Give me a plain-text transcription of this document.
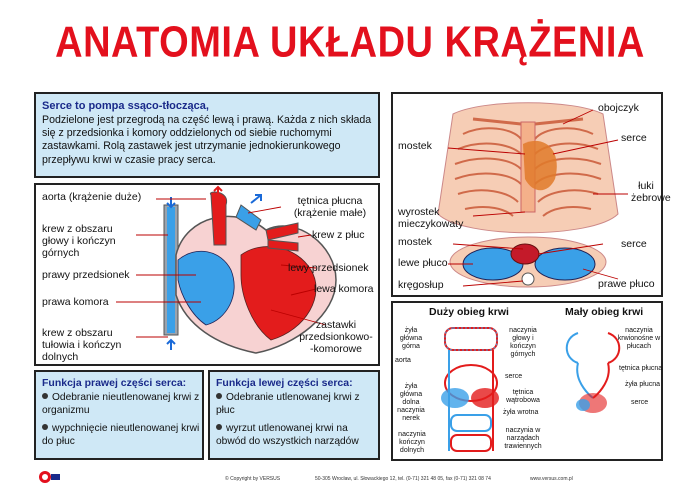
ANATOMIA UKŁADU KRĄŻENIA
Serce to pompa ssąco-tłocząca,
Podzielone jest przegrodą na część lewą i prawą. Każda z nich składa się z przedsionka i komory oddzielonych od siebie ruchomymi zastawkami. Rolą zastawek jest utrzymanie jednokierunkowego przepływu krwi w czasie pracy serca.
aorta (krążenie duże)
krew z obszaru głowy i kończyn górnych
prawy przedsionek
prawa komora
krew z obszaru tułowia i kończyn dolnych
tętnica płucna (krążenie małe)
krew z płuc
lewy przedsionek
lewa komora
zastawki przedsionkowo- -komorowe
Funkcja prawej części serca:
Odebranie nieutlenowanej krwi z organizmu
wypchnięcie nieutlenowanej krwi do płuc
Funkcja lewej części serca:
Odebranie utlenowanej krwi z płuc
wyrzut utlenowanej krwi na obwód do wszystkich narządów
obojczyk
mostek
serce
łuki żebrowe
wyrostek mieczykowaty
mostek	serce
lewe płuco
kręgosłup	prawe płuco
Duży obieg krwi	Mały obieg krwi
żyła główna górna
aorta
żyła główna dolna
naczynia nerek
naczynia kończyn dolnych
naczynia głowy i kończyn górnych
serce
tętnica wątrobowa
żyła wrotna
naczynia w narządach trawiennych
naczynia krwionośne w płucach
tętnica płucna
żyła płucna
serce
© Copyright by VERSUS	50-305 Wrocław, ul. Słowackiego 12, tel. (0-71) 321 48 05, fax (0-71) 321 08 74	www.versus.com.pl
